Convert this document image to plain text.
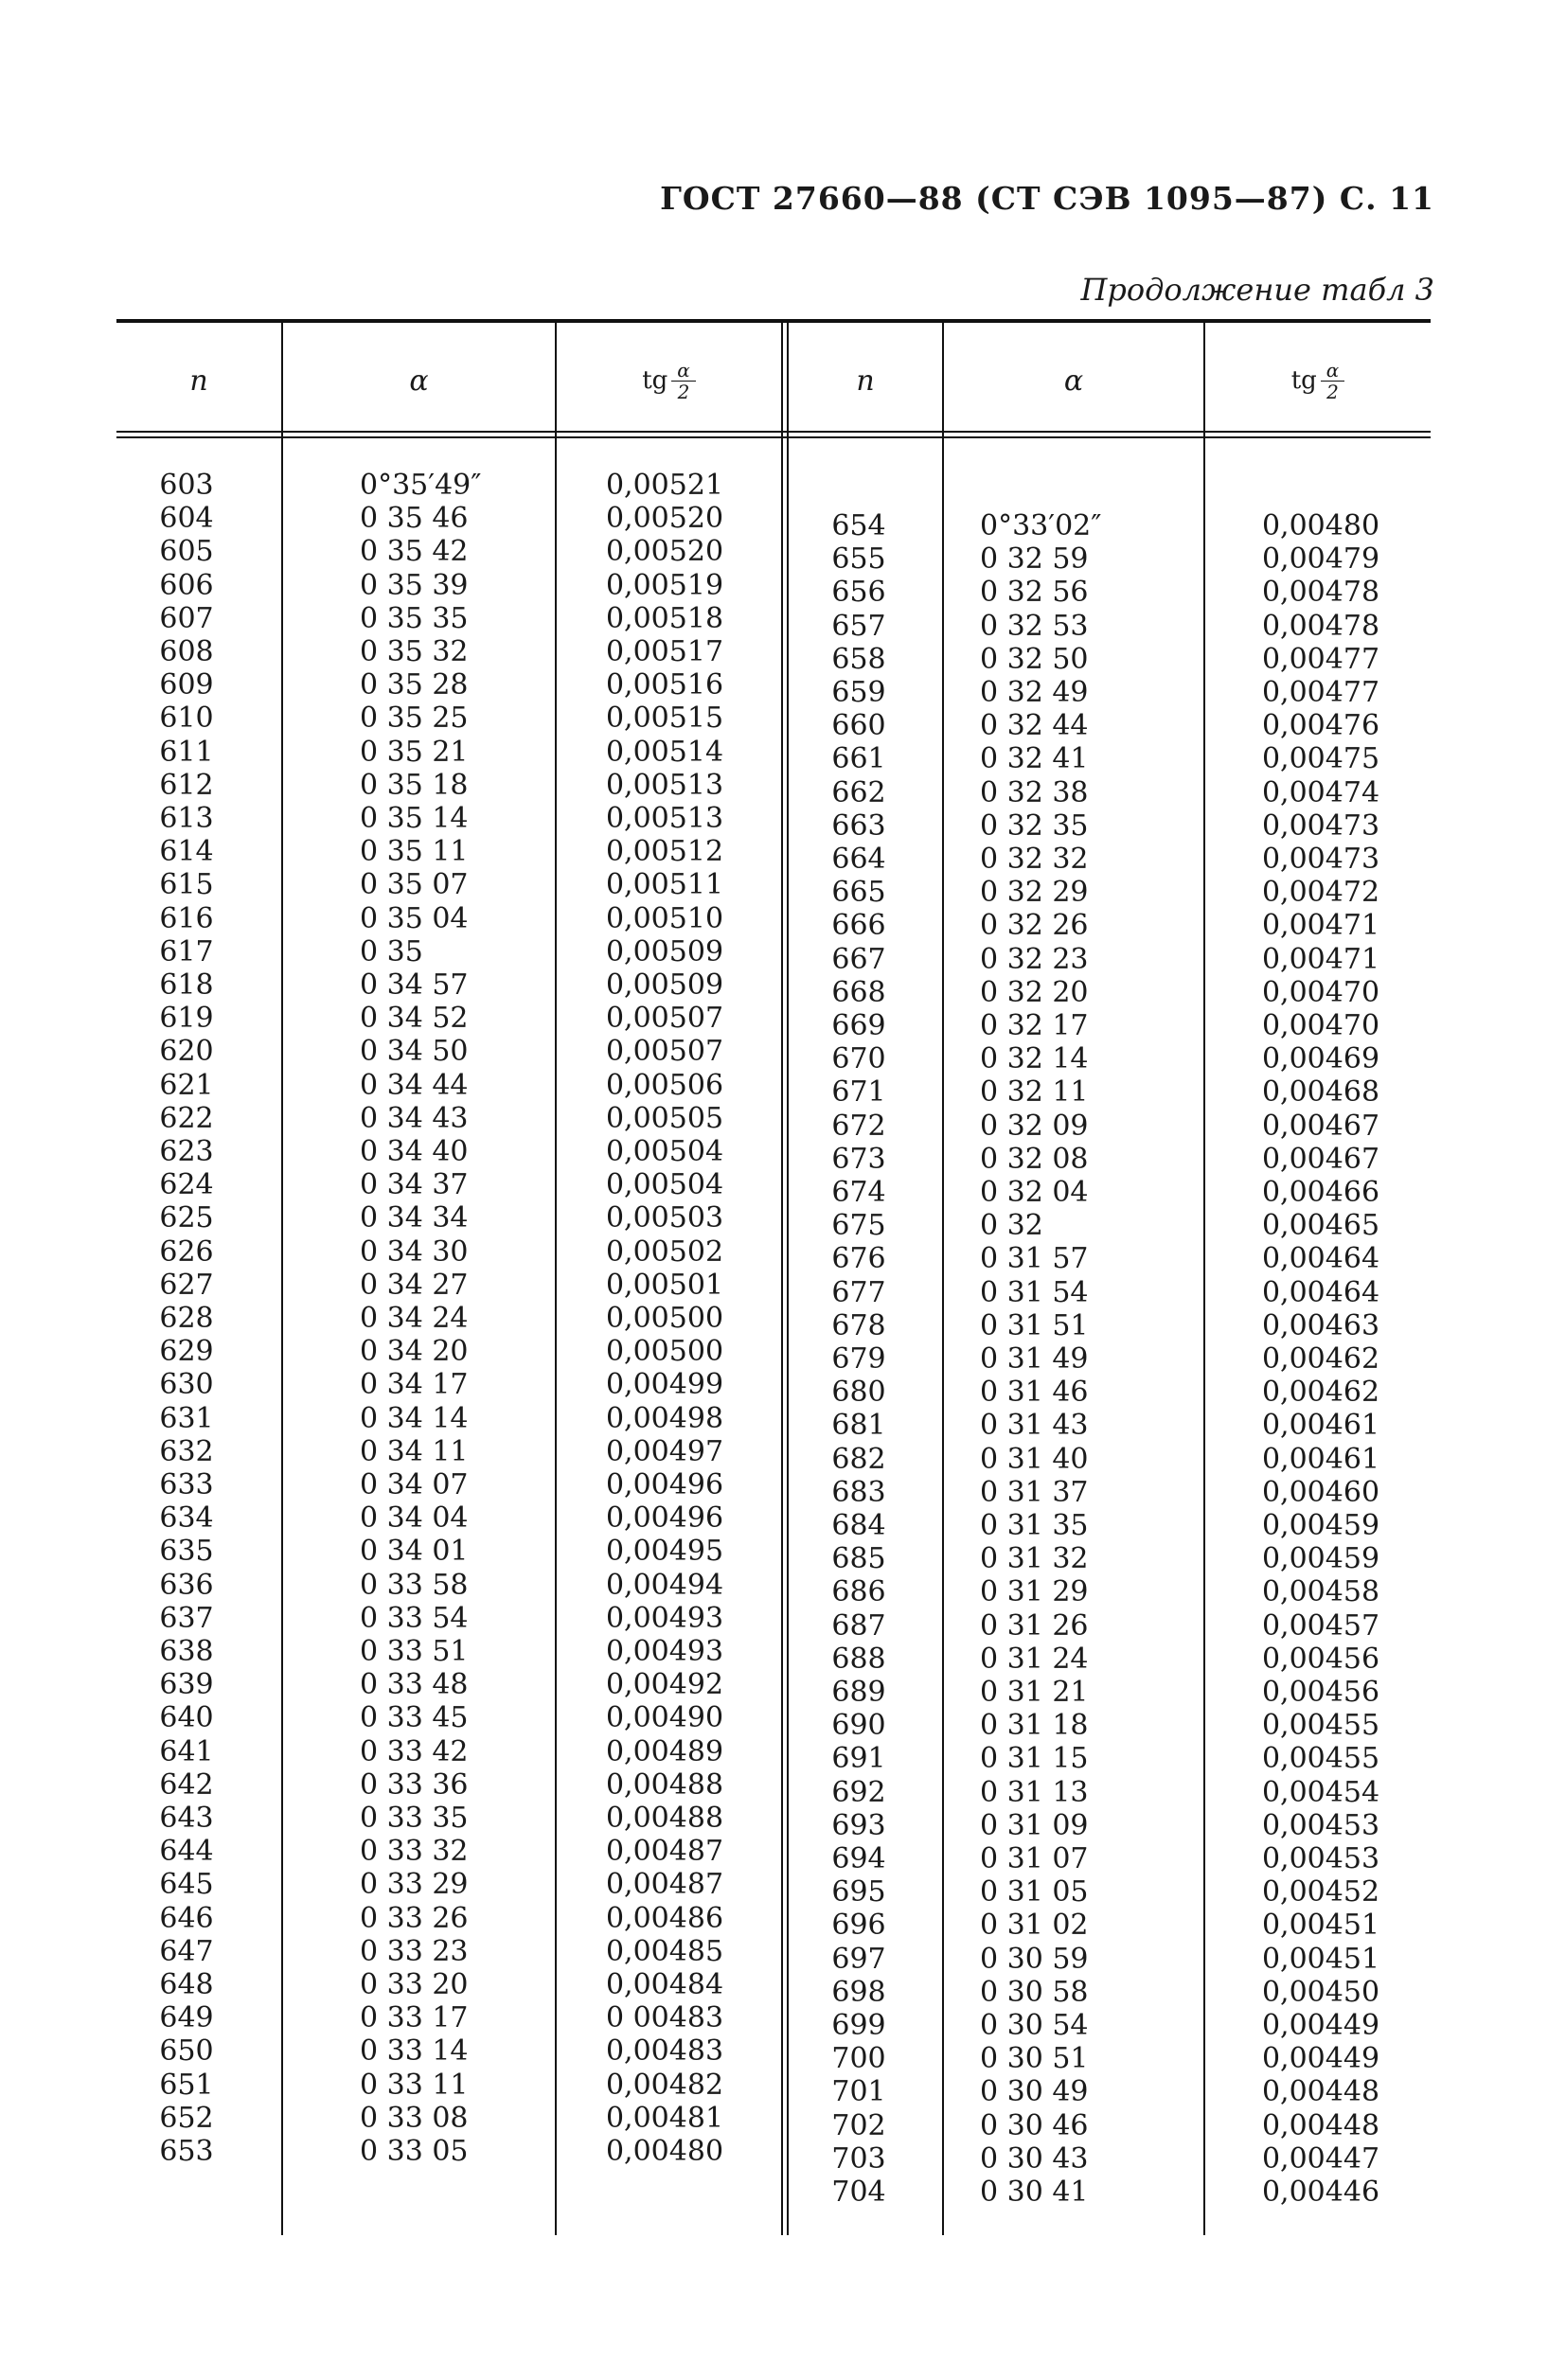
ГОСТ 27660—88 (СТ СЭВ 1095—87) С. 11
Продолжение табл 3
n	α	tg $\frac{\alpha}{2}$	n	α	tg $\frac{\alpha}{2}$
603	0°35′49″	0,00521
604	0 35 46	0,00520
605	0 35 42	0,00520
606	0 35 39	0,00519
607	0 35 35	0,00518
608	0 35 32	0,00517
609	0 35 28	0,00516
610	0 35 25	0,00515
611	0 35 21	0,00514
612	0 35 18	0,00513
613	0 35 14	0,00513
614	0 35 11	0,00512
615	0 35 07	0,00511
616	0 35 04	0,00510
617	0 35	0,00509
618	0 34 57	0,00509
619	0 34 52	0,00507
620	0 34 50	0,00507
621	0 34 44	0,00506
622	0 34 43	0,00505
623	0 34 40	0,00504
624	0 34 37	0,00504
625	0 34 34	0,00503
626	0 34 30	0,00502
627	0 34 27	0,00501
628	0 34 24	0,00500
629	0 34 20	0,00500
630	0 34 17	0,00499
631	0 34 14	0,00498
632	0 34 11	0,00497
633	0 34 07	0,00496
634	0 34 04	0,00496
635	0 34 01	0,00495
636	0 33 58	0,00494
637	0 33 54	0,00493
638	0 33 51	0,00493
639	0 33 48	0,00492
640	0 33 45	0,00490
641	0 33 42	0,00489
642	0 33 36	0,00488
643	0 33 35	0,00488
644	0 33 32	0,00487
645	0 33 29	0,00487
646	0 33 26	0,00486
647	0 33 23	0,00485
648	0 33 20	0,00484
649	0 33 17	0 00483
650	0 33 14	0,00483
651	0 33 11	0,00482
652	0 33 08	0,00481
653	0 33 05	0,00480
654	0°33′02″	0,00480
655	0 32 59	0,00479
656	0 32 56	0,00478
657	0 32 53	0,00478
658	0 32 50	0,00477
659	0 32 49	0,00477
660	0 32 44	0,00476
661	0 32 41	0,00475
662	0 32 38	0,00474
663	0 32 35	0,00473
664	0 32 32	0,00473
665	0 32 29	0,00472
666	0 32 26	0,00471
667	0 32 23	0,00471
668	0 32 20	0,00470
669	0 32 17	0,00470
670	0 32 14	0,00469
671	0 32 11	0,00468
672	0 32 09	0,00467
673	0 32 08	0,00467
674	0 32 04	0,00466
675	0 32	0,00465
676	0 31 57	0,00464
677	0 31 54	0,00464
678	0 31 51	0,00463
679	0 31 49	0,00462
680	0 31 46	0,00462
681	0 31 43	0,00461
682	0 31 40	0,00461
683	0 31 37	0,00460
684	0 31 35	0,00459
685	0 31 32	0,00459
686	0 31 29	0,00458
687	0 31 26	0,00457
688	0 31 24	0,00456
689	0 31 21	0,00456
690	0 31 18	0,00455
691	0 31 15	0,00455
692	0 31 13	0,00454
693	0 31 09	0,00453
694	0 31 07	0,00453
695	0 31 05	0,00452
696	0 31 02	0,00451
697	0 30 59	0,00451
698	0 30 58	0,00450
699	0 30 54	0,00449
700	0 30 51	0,00449
701	0 30 49	0,00448
702	0 30 46	0,00448
703	0 30 43	0,00447
704	0 30 41	0,00446
